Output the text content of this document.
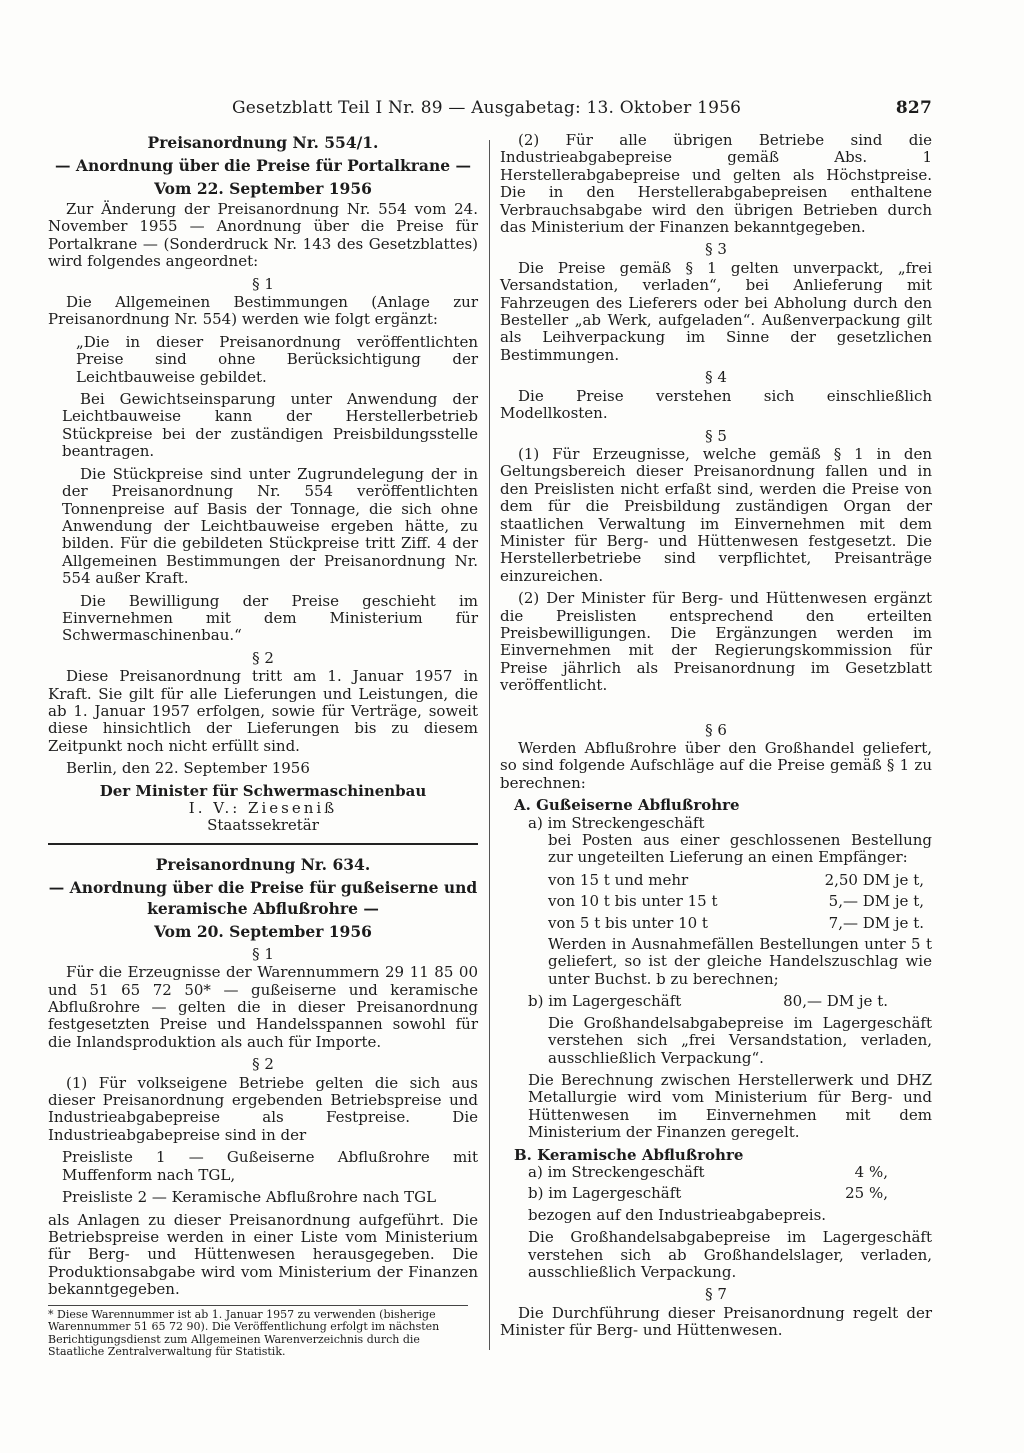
Gesetzblatt Teil I Nr. 89 — Ausgabetag: 13. Oktober 1956	827
Preisanordnung Nr. 554/1.
— Anordnung über die Preise für Portalkrane —
Vom 22. September 1956

Zur Änderung der Preisanordnung Nr. 554 vom 24. November 1955 — Anordnung über die Preise für Portalkrane — (Sonderdruck Nr. 143 des Gesetzblattes) wird folgendes angeordnet:

§ 1

Die Allgemeinen Bestimmungen (Anlage zur Preisanordnung Nr. 554) werden wie folgt ergänzt:

„Die in dieser Preisanordnung veröffentlichten Preise sind ohne Berücksichtigung der Leichtbauweise gebildet.

Bei Gewichtseinsparung unter Anwendung der Leichtbauweise kann der Herstellerbetrieb Stückpreise bei der zuständigen Preisbildungsstelle beantragen.

Die Stückpreise sind unter Zugrundelegung der in der Preisanordnung Nr. 554 veröffentlichten Tonnenpreise auf Basis der Tonnage, die sich ohne Anwendung der Leichtbauweise ergeben hätte, zu bilden. Für die gebildeten Stückpreise tritt Ziff. 4 der Allgemeinen Bestimmungen der Preisanordnung Nr. 554 außer Kraft.

Die Bewilligung der Preise geschieht im Einvernehmen mit dem Ministerium für Schwermaschinenbau.“

§ 2

Diese Preisanordnung tritt am 1. Januar 1957 in Kraft. Sie gilt für alle Lieferungen und Leistungen, die ab 1. Januar 1957 erfolgen, sowie für Verträge, soweit diese hinsichtlich der Lieferungen bis zu diesem Zeitpunkt noch nicht erfüllt sind.

Berlin, den 22. September 1956

Der Minister für Schwermaschinenbau
I. V.: Zieseniß
Staatssekretär
Preisanordnung Nr. 634.
— Anordnung über die Preise für gußeiserne und keramische Abflußrohre —
Vom 20. September 1956
§ 1

Für die Erzeugnisse der Warennummern 29 11 85 00 und 51 65 72 50* — gußeiserne und keramische Abflußrohre — gelten die in dieser Preisanordnung festgesetzten Preise und Handelsspannen sowohl für die Inlandsproduktion als auch für Importe.

§ 2

(1) Für volkseigene Betriebe gelten die sich aus dieser Preisanordnung ergebenden Betriebspreise und Industrieabgabepreise als Festpreise. Die Industrieabgabepreise sind in der

Preisliste 1 — Gußeiserne Abflußrohre mit Muffenform nach TGL,

Preisliste 2 — Keramische Abflußrohre nach TGL

als Anlagen zu dieser Preisanordnung aufgeführt. Die Betriebspreise werden in einer Liste vom Ministerium für Berg- und Hüttenwesen herausgegeben. Die Produktionsabgabe wird vom Ministerium der Finanzen bekanntgegeben.

* Diese Warennummer ist ab 1. Januar 1957 zu verwenden (bisherige Warennummer 51 65 72 90). Die Veröffentlichung erfolgt im nächsten Berichtigungsdienst zum Allgemeinen Warenverzeichnis durch die Staatliche Zentralverwaltung für Statistik.

(2) Für alle übrigen Betriebe sind die Industrieabgabepreise gemäß Abs. 1 Herstellerabgabepreise und gelten als Höchstpreise. Die in den Herstellerabgabepreisen enthaltene Verbrauchsabgabe wird den übrigen Betrieben durch das Ministerium der Finanzen bekanntgegeben.

§ 3

Die Preise gemäß § 1 gelten unverpackt, „frei Versandstation, verladen“, bei Anlieferung mit Fahrzeugen des Lieferers oder bei Abholung durch den Besteller „ab Werk, aufgeladen“. Außenverpackung gilt als Leihverpackung im Sinne der gesetzlichen Bestimmungen.

§ 4

Die Preise verstehen sich einschließlich Modellkosten.

§ 5

(1) Für Erzeugnisse, welche gemäß § 1 in den Geltungsbereich dieser Preisanordnung fallen und in den Preislisten nicht erfaßt sind, werden die Preise von dem für die Preisbildung zuständigen Organ der staatlichen Verwaltung im Einvernehmen mit dem Minister für Berg- und Hüttenwesen festgesetzt. Die Herstellerbetriebe sind verpflichtet, Preisanträge einzureichen.

(2) Der Minister für Berg- und Hüttenwesen ergänzt die Preislisten entsprechend den erteilten Preisbewilligungen. Die Ergänzungen werden im Einvernehmen mit der Regierungskommission für Preise jährlich als Preisanordnung im Gesetzblatt veröffentlicht.

§ 6

Werden Abflußrohre über den Großhandel geliefert, so sind folgende Aufschläge auf die Preise gemäß § 1 zu berechnen:

A. Gußeiserne Abflußrohre
a) im Streckengeschäft

bei Posten aus einer geschlossenen Bestellung zur ungeteilten Lieferung an einen Empfänger:

von 15 t und mehr	2,50 DM je t,
von 10 t bis unter 15 t	5,— DM je t,
von 5 t bis unter 10 t	7,— DM je t.

Werden in Ausnahmefällen Bestellungen unter 5 t geliefert, so ist der gleiche Handelszuschlag wie unter Buchst. b zu berechnen;

b) im Lagergeschäft	80,— DM je t.

Die Großhandelsabgabepreise im Lagergeschäft verstehen sich „frei Versandstation, verladen, ausschließlich Verpackung“.

Die Berechnung zwischen Herstellerwerk und DHZ Metallurgie wird vom Ministerium für Berg- und Hüttenwesen im Einvernehmen mit dem Ministerium der Finanzen geregelt.

B. Keramische Abflußrohre
a) im Streckengeschäft	4 %,
b) im Lagergeschäft	25 %,

bezogen auf den Industrieabgabepreis.

Die Großhandelsabgabepreise im Lagergeschäft verstehen sich ab Großhandelslager, verladen, ausschließlich Verpackung.

§ 7

Die Durchführung dieser Preisanordnung regelt der Minister für Berg- und Hüttenwesen.
